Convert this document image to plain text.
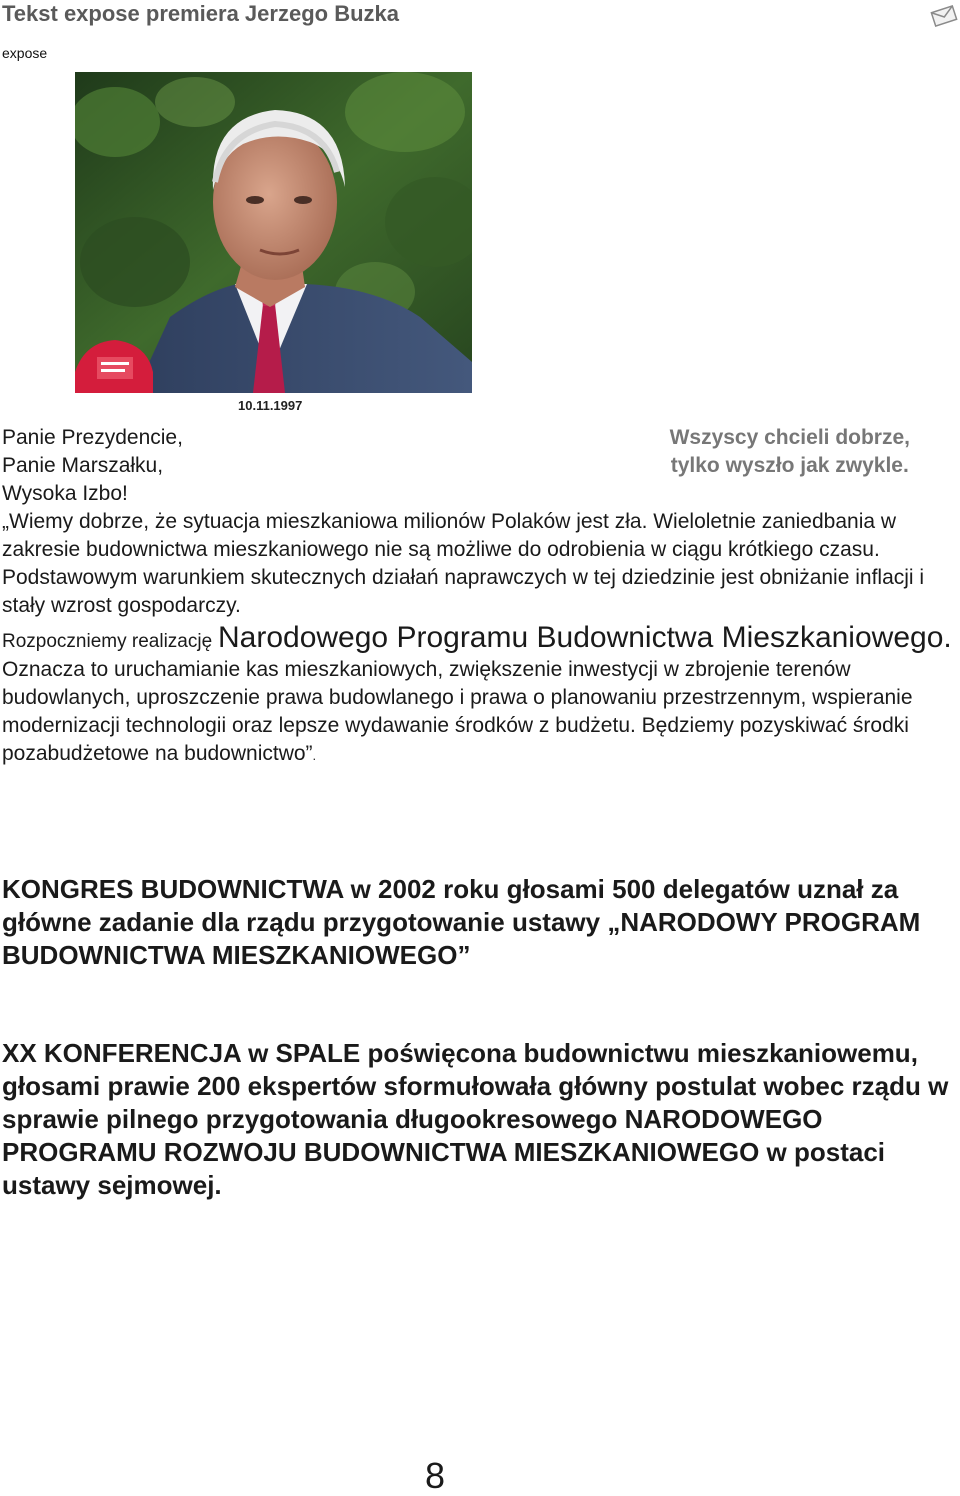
Tekst expose premiera Jerzego Buzka
expose
10.11.1997
Panie Prezydencie,
Panie Marszałku,
Wysoka Izbo!
Wszyscy chcieli dobrze,
tylko wyszło jak zwykle.
„Wiemy dobrze, że sytuacja mieszkaniowa milionów Polaków jest zła. Wieloletnie zaniedbania w zakresie budownictwa mieszkaniowego nie są możliwe do odrobienia w ciągu krótkiego czasu. Podstawowym warunkiem skutecznych działań naprawczych w tej dziedzinie jest obniżanie inflacji i stały wzrost gospodarczy.
Rozpoczniemy realizację Narodowego Programu Budownictwa Mieszkaniowego. Oznacza to uruchamianie kas mieszkaniowych, zwiększenie inwestycji w zbrojenie terenów budowlanych, uproszczenie prawa budowlanego i prawa o planowaniu przestrzennym, wspieranie modernizacji technologii oraz lepsze wydawanie środków z budżetu. Będziemy pozyskiwać środki pozabudżetowe na budownictwo”.
KONGRES BUDOWNICTWA w 2002 roku głosami 500 delegatów uznał za główne zadanie dla rządu przygotowanie ustawy „NARODOWY PROGRAM BUDOWNICTWA MIESZKANIOWEGO”
XX KONFERENCJA w SPALE poświęcona budownictwu mieszkaniowemu, głosami prawie 200 ekspertów sformułowała główny postulat wobec rządu w sprawie pilnego przygotowania długookresowego NARODOWEGO PROGRAMU ROZWOJU BUDOWNICTWA MIESZKANIOWEGO w postaci ustawy sejmowej.
8
